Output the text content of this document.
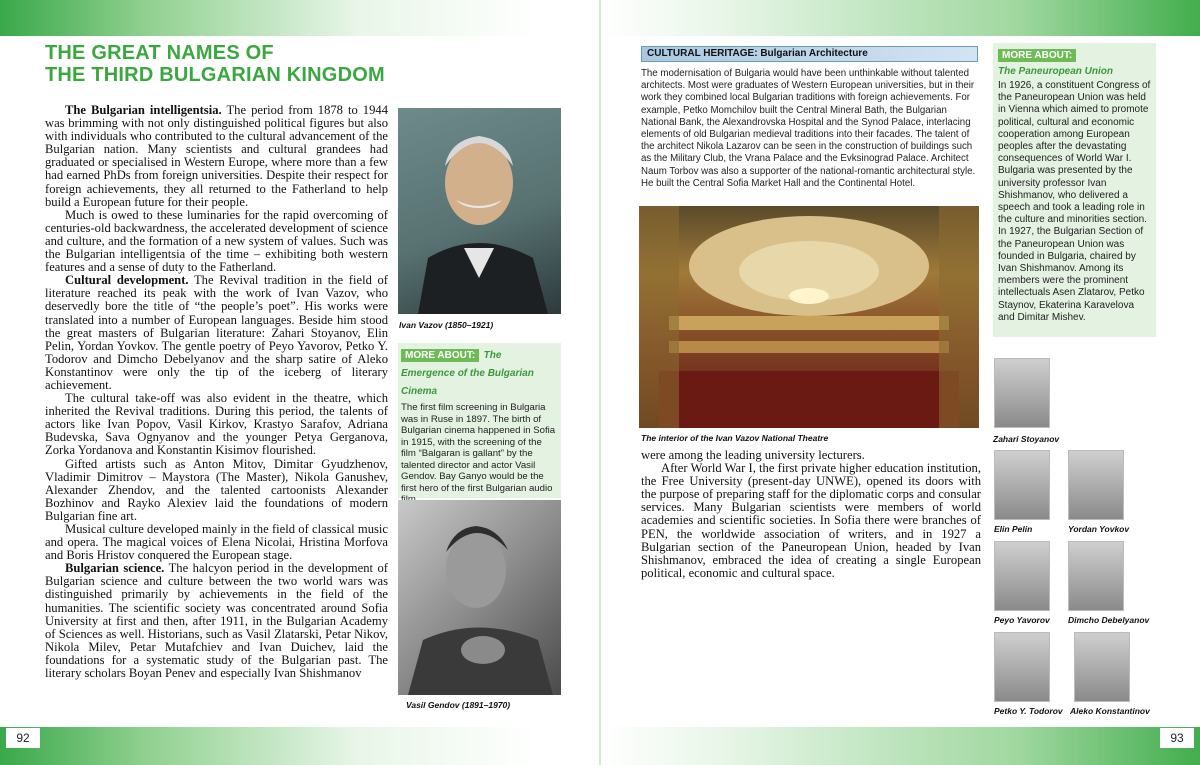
92	93
THE GREAT NAMES OF
THE THIRD BULGARIAN KINGDOM

The Bulgarian intelligentsia. The period from 1878 to 1944 was brimming with not only distinguished political figures but also with individuals who contributed to the cultural advancement of the Bulgarian nation. Many scientists and cultural grandees had graduated or specialised in Western Europe, where more than a few had earned PhDs from foreign universities. Despite their respect for foreign achievements, they all returned to the Fatherland to help build a European future for their people.

Much is owed to these luminaries for the rapid overcoming of centuries-old backwardness, the accelerated development of science and culture, and the formation of a new system of values. Such was the Bulgarian intelligentsia of the time – exhibiting both western features and a sense of duty to the Fatherland.

Cultural development. The Revival tradition in the field of literature reached its peak with the work of Ivan Vazov, who deservedly bore the title of “the people’s poet”. His works were translated into a number of European languages. Beside him stood the great masters of Bulgarian literature: Zahari Stoyanov, Elin Pelin, Yordan Yovkov. The gentle poetry of Peyo Yavorov, Petko Y. Todorov and Dimcho Debelyanov and the sharp satire of Aleko Konstantinov were only the tip of the iceberg of literary achievement.

The cultural take-off was also evident in the theatre, which inherited the Revival traditions. During this period, the talents of actors like Ivan Popov, Vasil Kirkov, Krastyo Sarafov, Adriana Budevska, Sava Ognyanov and the younger Petya Gerganova, Zorka Yordanova and Konstantin Kisimov flourished.

Gifted artists such as Anton Mitov, Dimitar Gyudzhenov, Vladimir Dimitrov – Maystora (The Master), Nikola Ganushev, Alexander Zhendov, and the talented cartoonists Alexander Bozhinov and Rayko Alexiev laid the foundations of modern Bulgarian fine art.

Musical culture developed mainly in the field of classical music and opera. The magical voices of Elena Nicolai, Hristina Morfova and Boris Hristov conquered the European stage.

Bulgarian science. The halcyon period in the development of Bulgarian science and culture between the two world wars was distinguished primarily by achievements in the field of the humanities. The scientific society was concentrated around Sofia University at first and then, after 1911, in the Bulgarian Academy of Sciences as well. Historians, such as Vasil Zlatarski, Petar Nikov, Nikola Milev, Petar Mutafchiev and Ivan Duichev, laid the foundations for a systematic study of the Bulgarian past. The literary scholars Boyan Penev and especially Ivan Shishmanov

Ivan Vazov (1850–1921)
MORE ABOUT: The Emergence of the Bulgarian Cinema
The first film screening in Bulgaria was in Ruse in 1897. The birth of Bulgarian cinema happened in Sofia in 1915, with the screening of the film “Balgaran is gallant” by the talented director and actor Vasil Gendov. Bay Ganyo would be the first hero of the first Bulgarian audio
Vasil Gendov (1891–1970)
CULTURAL HERITAGE: Bulgarian Architecture
The modernisation of Bulgaria would have been unthinkable without talented architects. Most were graduates of Western European universities, but in their work they combined local Bulgarian traditions with foreign achievements. For example, Petko Momchilov built the Central Mineral Bath, the Bulgarian National Bank, the Alexandrovska Hospital and the Synod Palace, interlacing elements of old Bulgarian medieval traditions into their facades. The talent of the architect Nikola Lazarov can be seen in the construction of buildings such as the Military Club, the Vrana Palace and the Evksinograd Palace. Architect Naum Torbov was also a supporter of the national-romantic architectural style. He built the Central Sofia Market Hall and the Continental Hotel.
The interior of the Ivan Vazov National Theatre

were among the leading university lecturers.

After World War I, the first private higher education institution, the Free University (present-day UNWE), opened its doors with the purpose of preparing staff for the diplomatic corps and consular services. Many Bulgarian scientists were members of world academies and scientific societies. In Sofia there were branches of PEN, the worldwide association of writers, and in 1927 a Bulgarian section of the Paneuropean Union, headed by Ivan Shishmanov, embraced the idea of creating a single European political, economic and cultural space.

MORE ABOUT:
The Paneuropean Union
In 1926, a constituent Congress of the Paneuropean Union was held in Vienna which aimed to promote political, cultural and economic cooperation among European peoples after the devastating consequences of World War I. Bulgaria was presented by the university professor Ivan Shishmanov, who delivered a speech and took a leading role in the culture and minorities section. In 1927, the Bulgarian Section of the Paneuropean Union was founded in Bulgaria, chaired by Ivan Shishmanov. Among its members were the prominent intellectuals Asen Zlatarov, Petko Staynov, Ekaterina Karavelova and Dimitar Mishev.
Zahari Stoyanov
Elin Pelin	Yordan Yovkov
Peyo Yavorov Dimcho Debelyanov
Petko Y. Todorov Aleko Konstantinov
